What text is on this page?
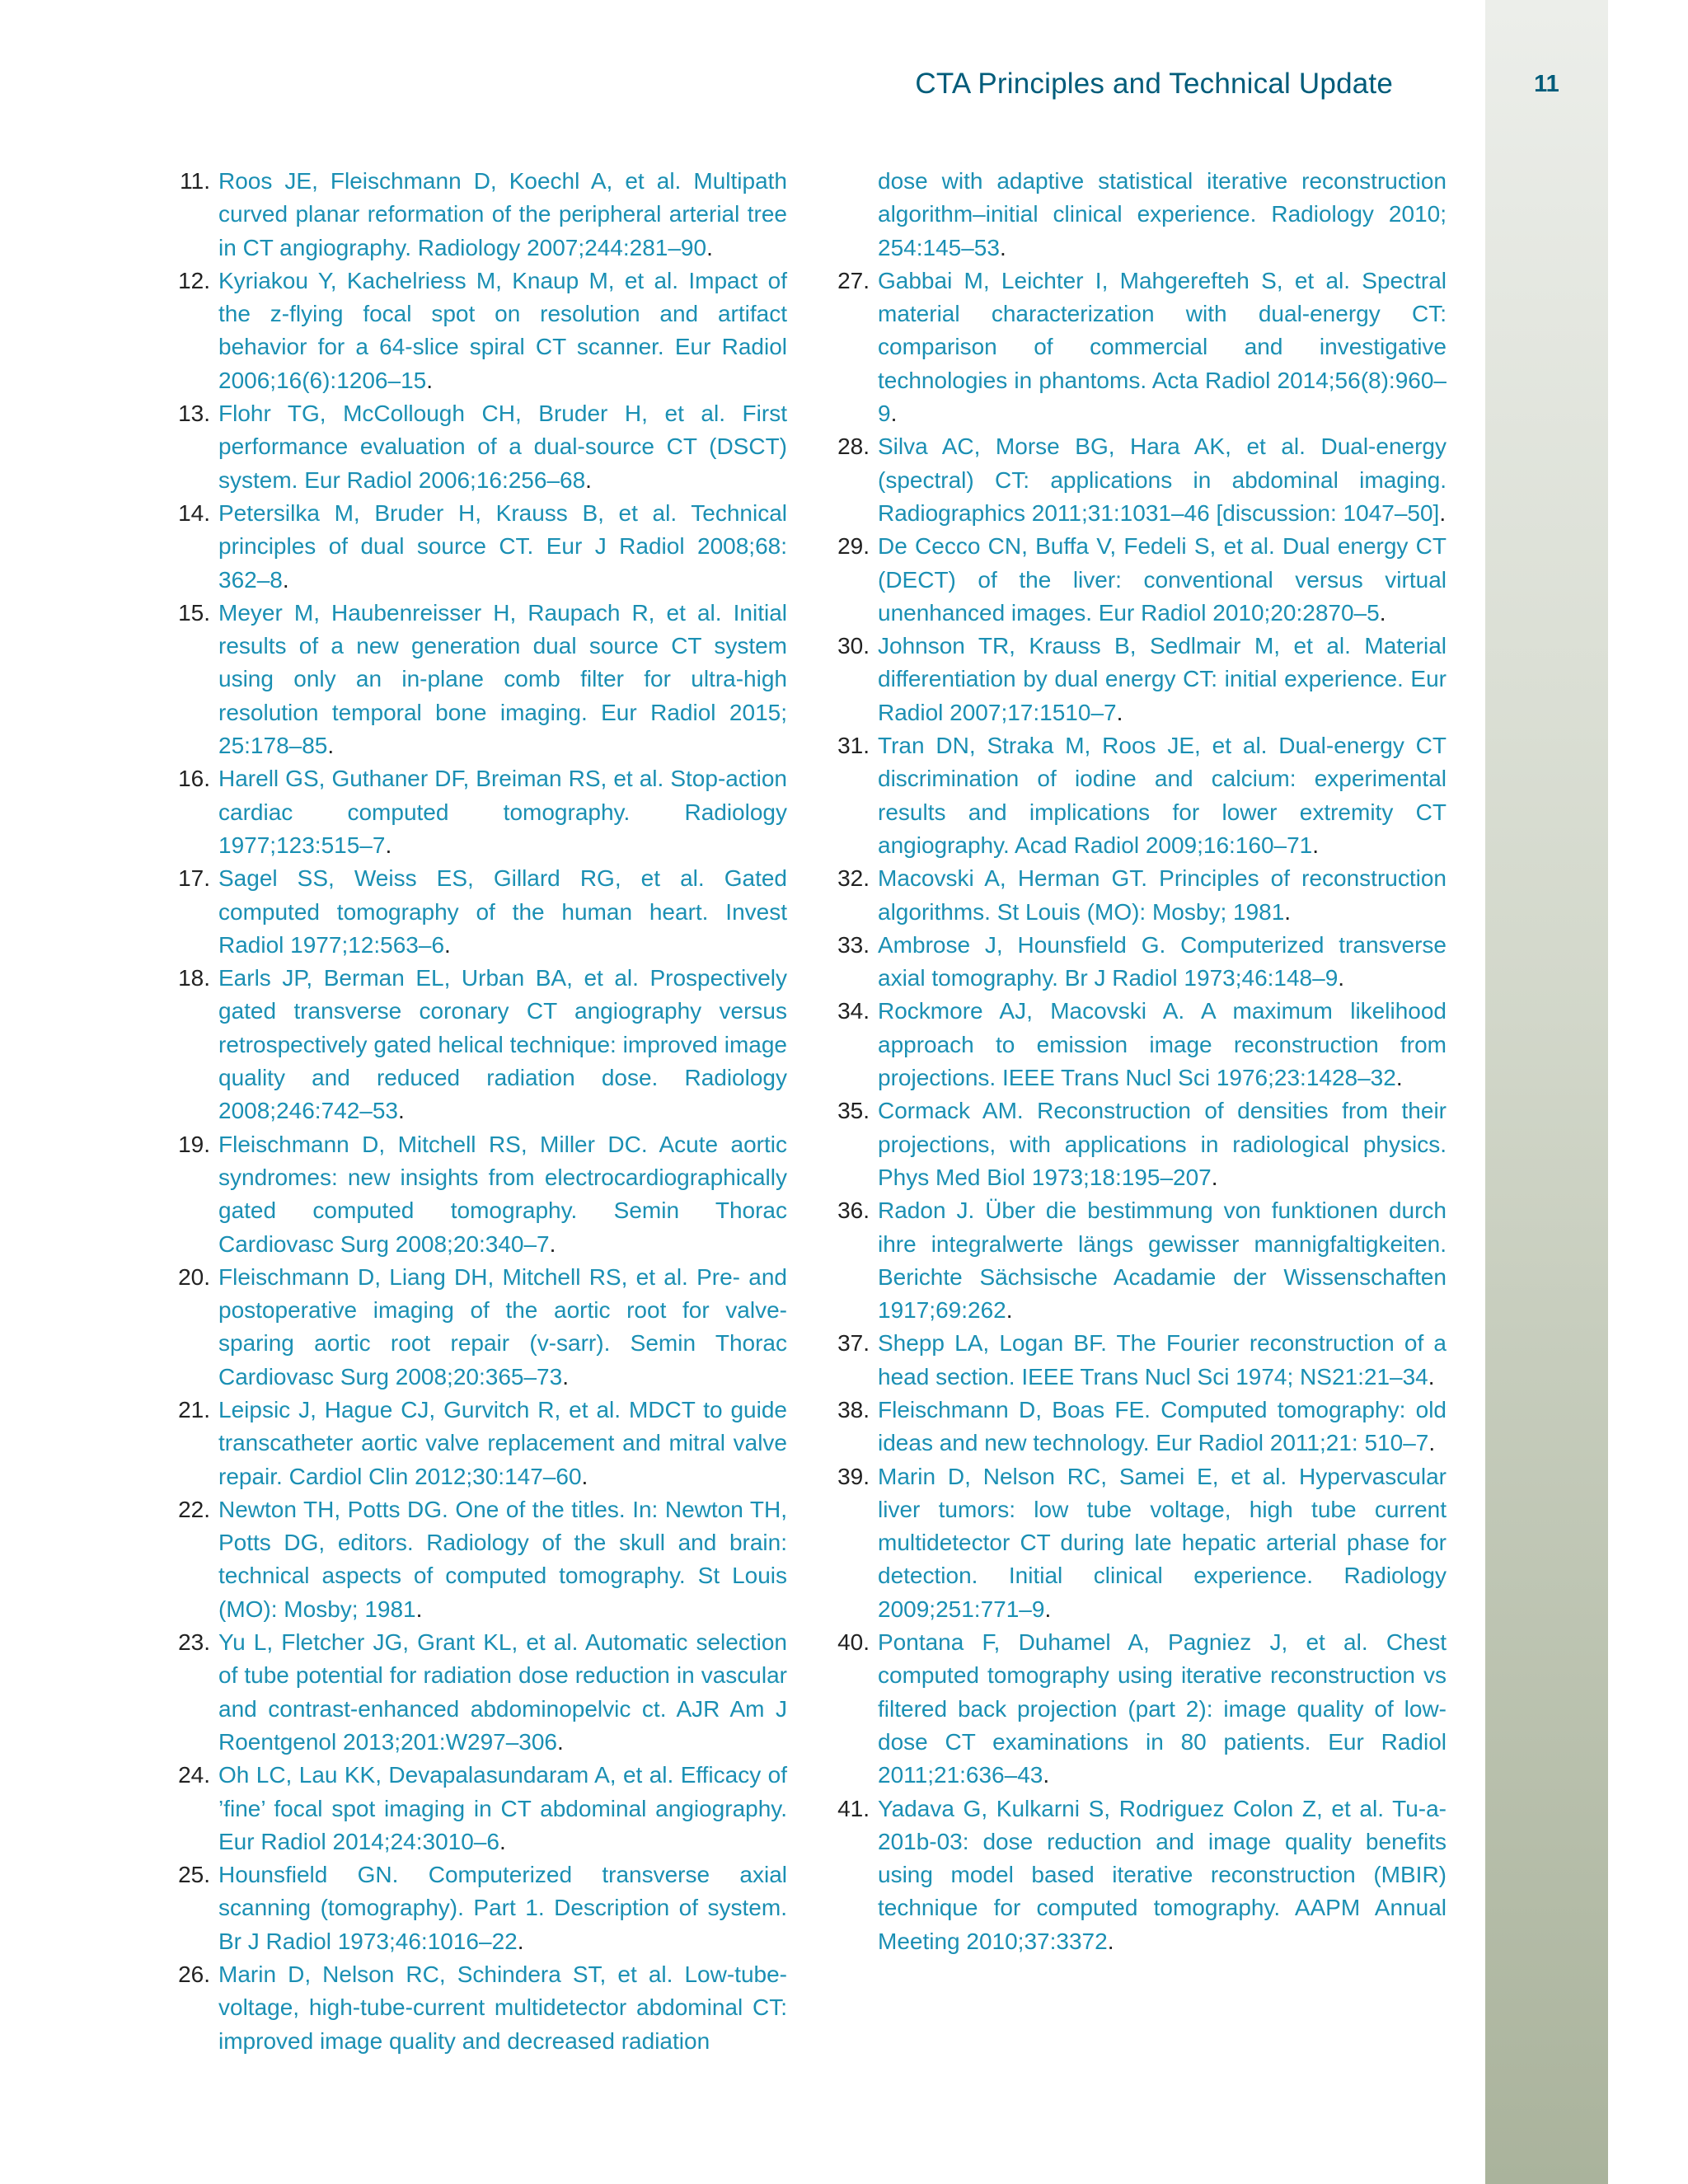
CTA Principles and Technical Update	11
11. Roos JE, Fleischmann D, Koechl A, et al. Multipath curved planar reformation of the peripheral arterial tree in CT angiography. Radiology 2007;244:281–90.
12. Kyriakou Y, Kachelriess M, Knaup M, et al. Impact of the z-flying focal spot on resolution and artifact behavior for a 64-slice spiral CT scanner. Eur Radiol 2006;16(6):1206–15.
13. Flohr TG, McCollough CH, Bruder H, et al. First performance evaluation of a dual-source CT (DSCT) system. Eur Radiol 2006;16:256–68.
14. Petersilka M, Bruder H, Krauss B, et al. Technical principles of dual source CT. Eur J Radiol 2008;68: 362–8.
15. Meyer M, Haubenreisser H, Raupach R, et al. Initial results of a new generation dual source CT system using only an in-plane comb filter for ultra-high resolution temporal bone imaging. Eur Radiol 2015; 25:178–85.
16. Harell GS, Guthaner DF, Breiman RS, et al. Stop-action cardiac computed tomography. Radiology 1977;123:515–7.
17. Sagel SS, Weiss ES, Gillard RG, et al. Gated computed tomography of the human heart. Invest Radiol 1977;12:563–6.
18. Earls JP, Berman EL, Urban BA, et al. Prospectively gated transverse coronary CT angiography versus retrospectively gated helical technique: improved image quality and reduced radiation dose. Radiology 2008;246:742–53.
19. Fleischmann D, Mitchell RS, Miller DC. Acute aortic syndromes: new insights from electrocardiographically gated computed tomography. Semin Thorac Cardiovasc Surg 2008;20:340–7.
20. Fleischmann D, Liang DH, Mitchell RS, et al. Pre- and postoperative imaging of the aortic root for valve-sparing aortic root repair (v-sarr). Semin Thorac Cardiovasc Surg 2008;20:365–73.
21. Leipsic J, Hague CJ, Gurvitch R, et al. MDCT to guide transcatheter aortic valve replacement and mitral valve repair. Cardiol Clin 2012;30:147–60.
22. Newton TH, Potts DG. One of the titles. In: Newton TH, Potts DG, editors. Radiology of the skull and brain: technical aspects of computed tomography. St Louis (MO): Mosby; 1981.
23. Yu L, Fletcher JG, Grant KL, et al. Automatic selection of tube potential for radiation dose reduction in vascular and contrast-enhanced abdominopelvic ct. AJR Am J Roentgenol 2013;201:W297–306.
24. Oh LC, Lau KK, Devapalasundaram A, et al. Efficacy of ’fine’ focal spot imaging in CT abdominal angiography. Eur Radiol 2014;24:3010–6.
25. Hounsfield GN. Computerized transverse axial scanning (tomography). Part 1. Description of system. Br J Radiol 1973;46:1016–22.
26. Marin D, Nelson RC, Schindera ST, et al. Low-tube-voltage, high-tube-current multidetector abdominal CT: improved image quality and decreased radiation
dose with adaptive statistical iterative reconstruction algorithm–initial clinical experience. Radiology 2010; 254:145–53.
27. Gabbai M, Leichter I, Mahgerefteh S, et al. Spectral material characterization with dual-energy CT: comparison of commercial and investigative technologies in phantoms. Acta Radiol 2014;56(8):960–9.
28. Silva AC, Morse BG, Hara AK, et al. Dual-energy (spectral) CT: applications in abdominal imaging. Radiographics 2011;31:1031–46 [discussion: 1047–50].
29. De Cecco CN, Buffa V, Fedeli S, et al. Dual energy CT (DECT) of the liver: conventional versus virtual unenhanced images. Eur Radiol 2010;20:2870–5.
30. Johnson TR, Krauss B, Sedlmair M, et al. Material differentiation by dual energy CT: initial experience. Eur Radiol 2007;17:1510–7.
31. Tran DN, Straka M, Roos JE, et al. Dual-energy CT discrimination of iodine and calcium: experimental results and implications for lower extremity CT angiography. Acad Radiol 2009;16:160–71.
32. Macovski A, Herman GT. Principles of reconstruction algorithms. St Louis (MO): Mosby; 1981.
33. Ambrose J, Hounsfield G. Computerized transverse axial tomography. Br J Radiol 1973;46:148–9.
34. Rockmore AJ, Macovski A. A maximum likelihood approach to emission image reconstruction from projections. IEEE Trans Nucl Sci 1976;23:1428–32.
35. Cormack AM. Reconstruction of densities from their projections, with applications in radiological physics. Phys Med Biol 1973;18:195–207.
36. Radon J. Über die bestimmung von funktionen durch ihre integralwerte längs gewisser mannigfaltigkeiten. Berichte Sächsische Acadamie der Wissenschaften 1917;69:262.
37. Shepp LA, Logan BF. The Fourier reconstruction of a head section. IEEE Trans Nucl Sci 1974; NS21:21–34.
38. Fleischmann D, Boas FE. Computed tomography: old ideas and new technology. Eur Radiol 2011;21: 510–7.
39. Marin D, Nelson RC, Samei E, et al. Hypervascular liver tumors: low tube voltage, high tube current multidetector CT during late hepatic arterial phase for detection. Initial clinical experience. Radiology 2009;251:771–9.
40. Pontana F, Duhamel A, Pagniez J, et al. Chest computed tomography using iterative reconstruction vs filtered back projection (part 2): image quality of low-dose CT examinations in 80 patients. Eur Radiol 2011;21:636–43.
41. Yadava G, Kulkarni S, Rodriguez Colon Z, et al. Tu-a-201b-03: dose reduction and image quality benefits using model based iterative reconstruction (MBIR) technique for computed tomography. AAPM Annual Meeting 2010;37:3372.
